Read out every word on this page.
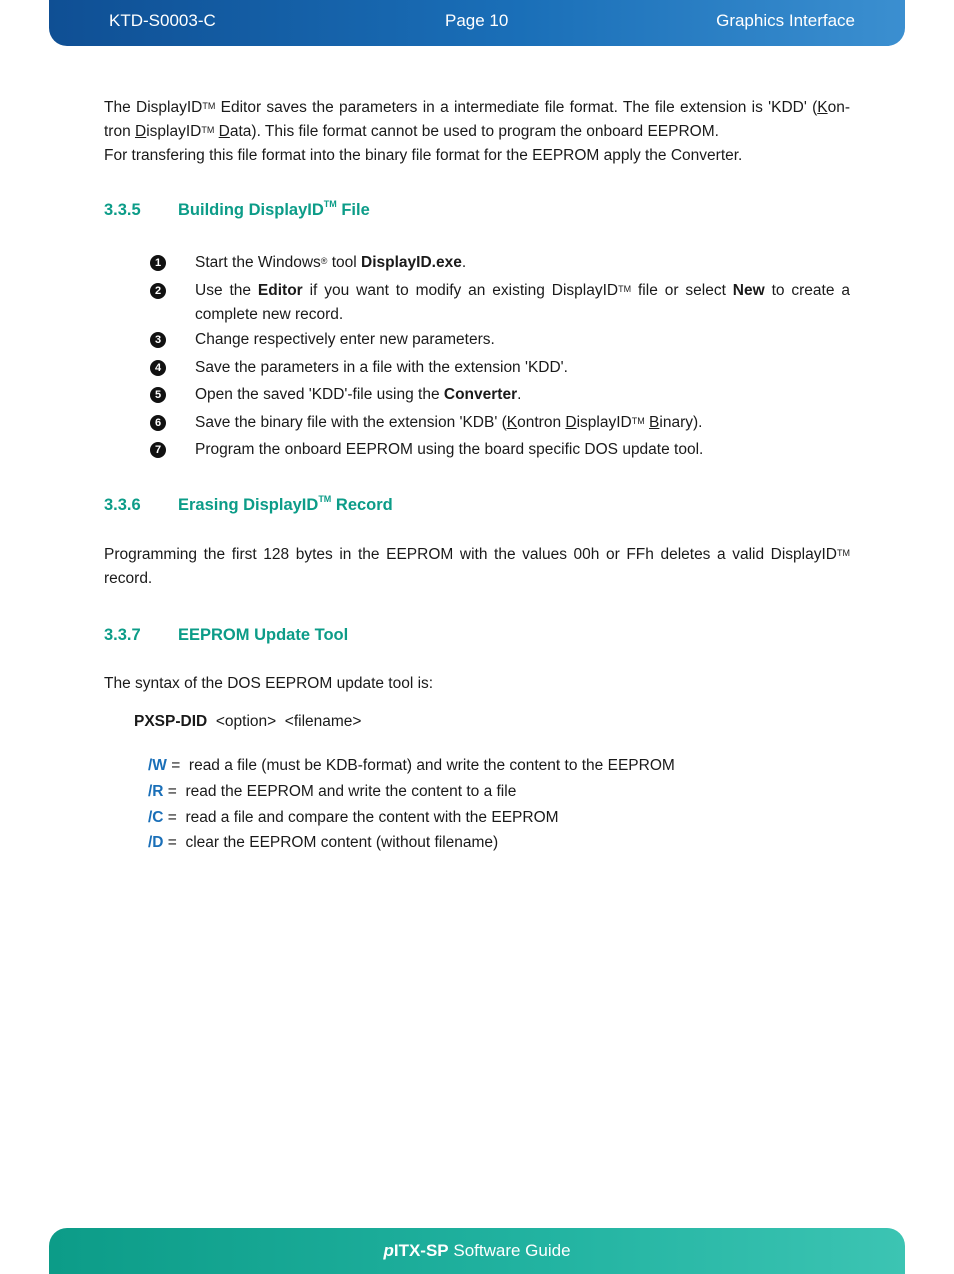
KTD-S0003-C	Page 10	Graphics Interface

The DisplayID™ Editor saves the parameters in a intermediate file format. The file extension is 'KDD' (Kon-tron DisplayID™ Data). This file format cannot be used to program the onboard EEPROM.

For transfering this file format into the binary file format for the EEPROM apply the Converter.

3.3.5 Building DisplayID™ File
1	Start the Windows® tool DisplayID.exe.
2	Use the Editor if you want to modify an existing DisplayID™ file or select New to create a complete new record.
3	Change respectively enter new parameters.
4	Save the parameters in a file with the extension 'KDD'.
5	Open the saved 'KDD'-file using the Converter.
6	Save the binary file with the extension 'KDB' (Kontron DisplayID™ Binary).
7	Program the onboard EEPROM using the board specific DOS update tool.
3.3.6 Erasing DisplayID™ Record

Programming the first 128 bytes in the EEPROM with the values 00h or FFh deletes a valid DisplayID™

record.

3.3.7 EEPROM Update Tool

The syntax of the DOS EEPROM update tool is:

PXSP-DID <option>  <filename>

/W =  read a file (must be KDB-format) and write the content to the EEPROM
/R =  read the EEPROM and write the content to a file
/C =  read a file and compare the content with the EEPROM
/D =  clear the EEPROM content (without filename)
pITX-SP Software Guide
